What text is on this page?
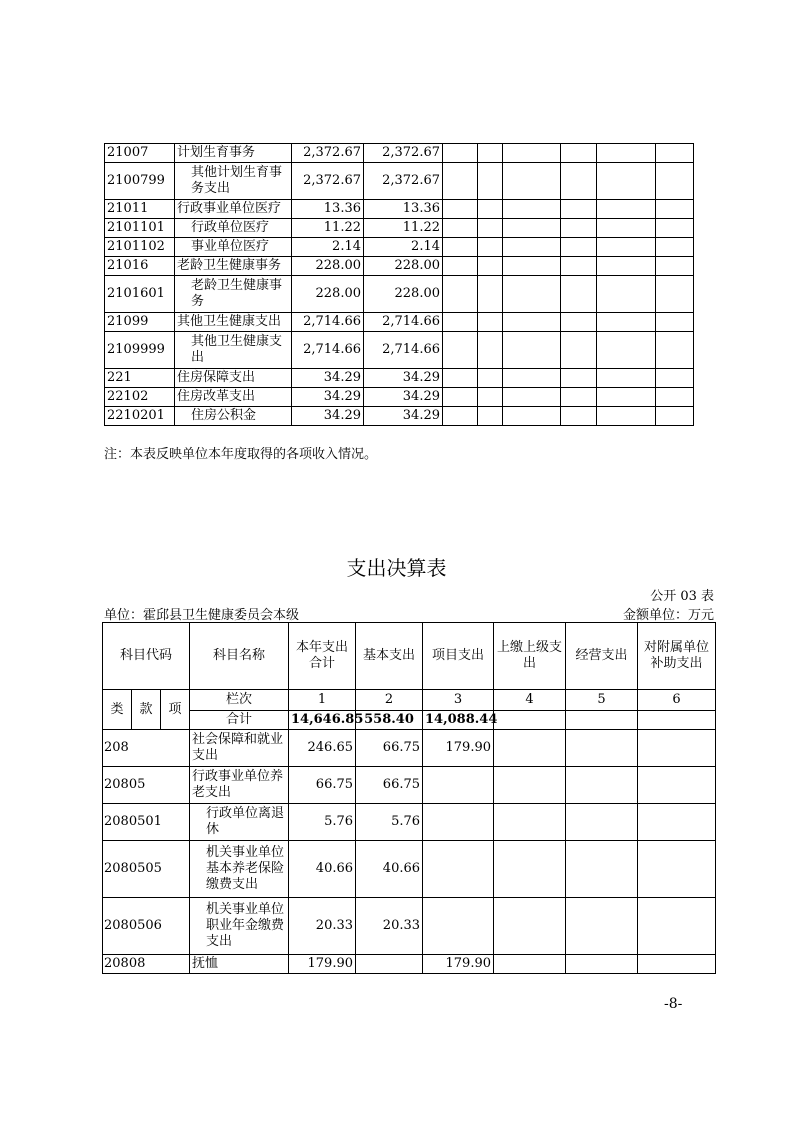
21007	计划生育事务	2,372.67	2,372.67						
2100799	其他计划生育事务支出	2,372.67	2,372.67						
21011	行政事业单位医疗	13.36	13.36						
2101101	行政单位医疗	11.22	11.22						
2101102	事业单位医疗	2.14	2.14						
21016	老龄卫生健康事务	228.00	228.00						
2101601	老龄卫生健康事务	228.00	228.00						
21099	其他卫生健康支出	2,714.66	2,714.66						
2109999	其他卫生健康支出	2,714.66	2,714.66						
221	住房保障支出	34.29	34.29						
22102	住房改革支出	34.29	34.29						
2210201	住房公积金	34.29	34.29						
注：本表反映单位本年度取得的各项收入情况。
支出决算表
公开 03 表
单位：霍邱县卫生健康委员会本级	金额单位：万元
科目代码			科目名称	本年支出合计	基本支出	项目支出	上缴上级支出	经营支出	对附属单位补助支出
类	款	项	栏次	1	2	3	4	5	6
			合计	14,646.85	558.40	14,088.44			
208			社会保障和就业支出	246.65	66.75	179.90			
20805			行政事业单位养老支出	66.75	66.75				
2080501			行政单位离退休	5.76	5.76				
2080505			机关事业单位基本养老保险缴费支出	40.66	40.66				
2080506			机关事业单位职业年金缴费支出	20.33	20.33				
20808			抚恤	179.90		179.90			
-8-
